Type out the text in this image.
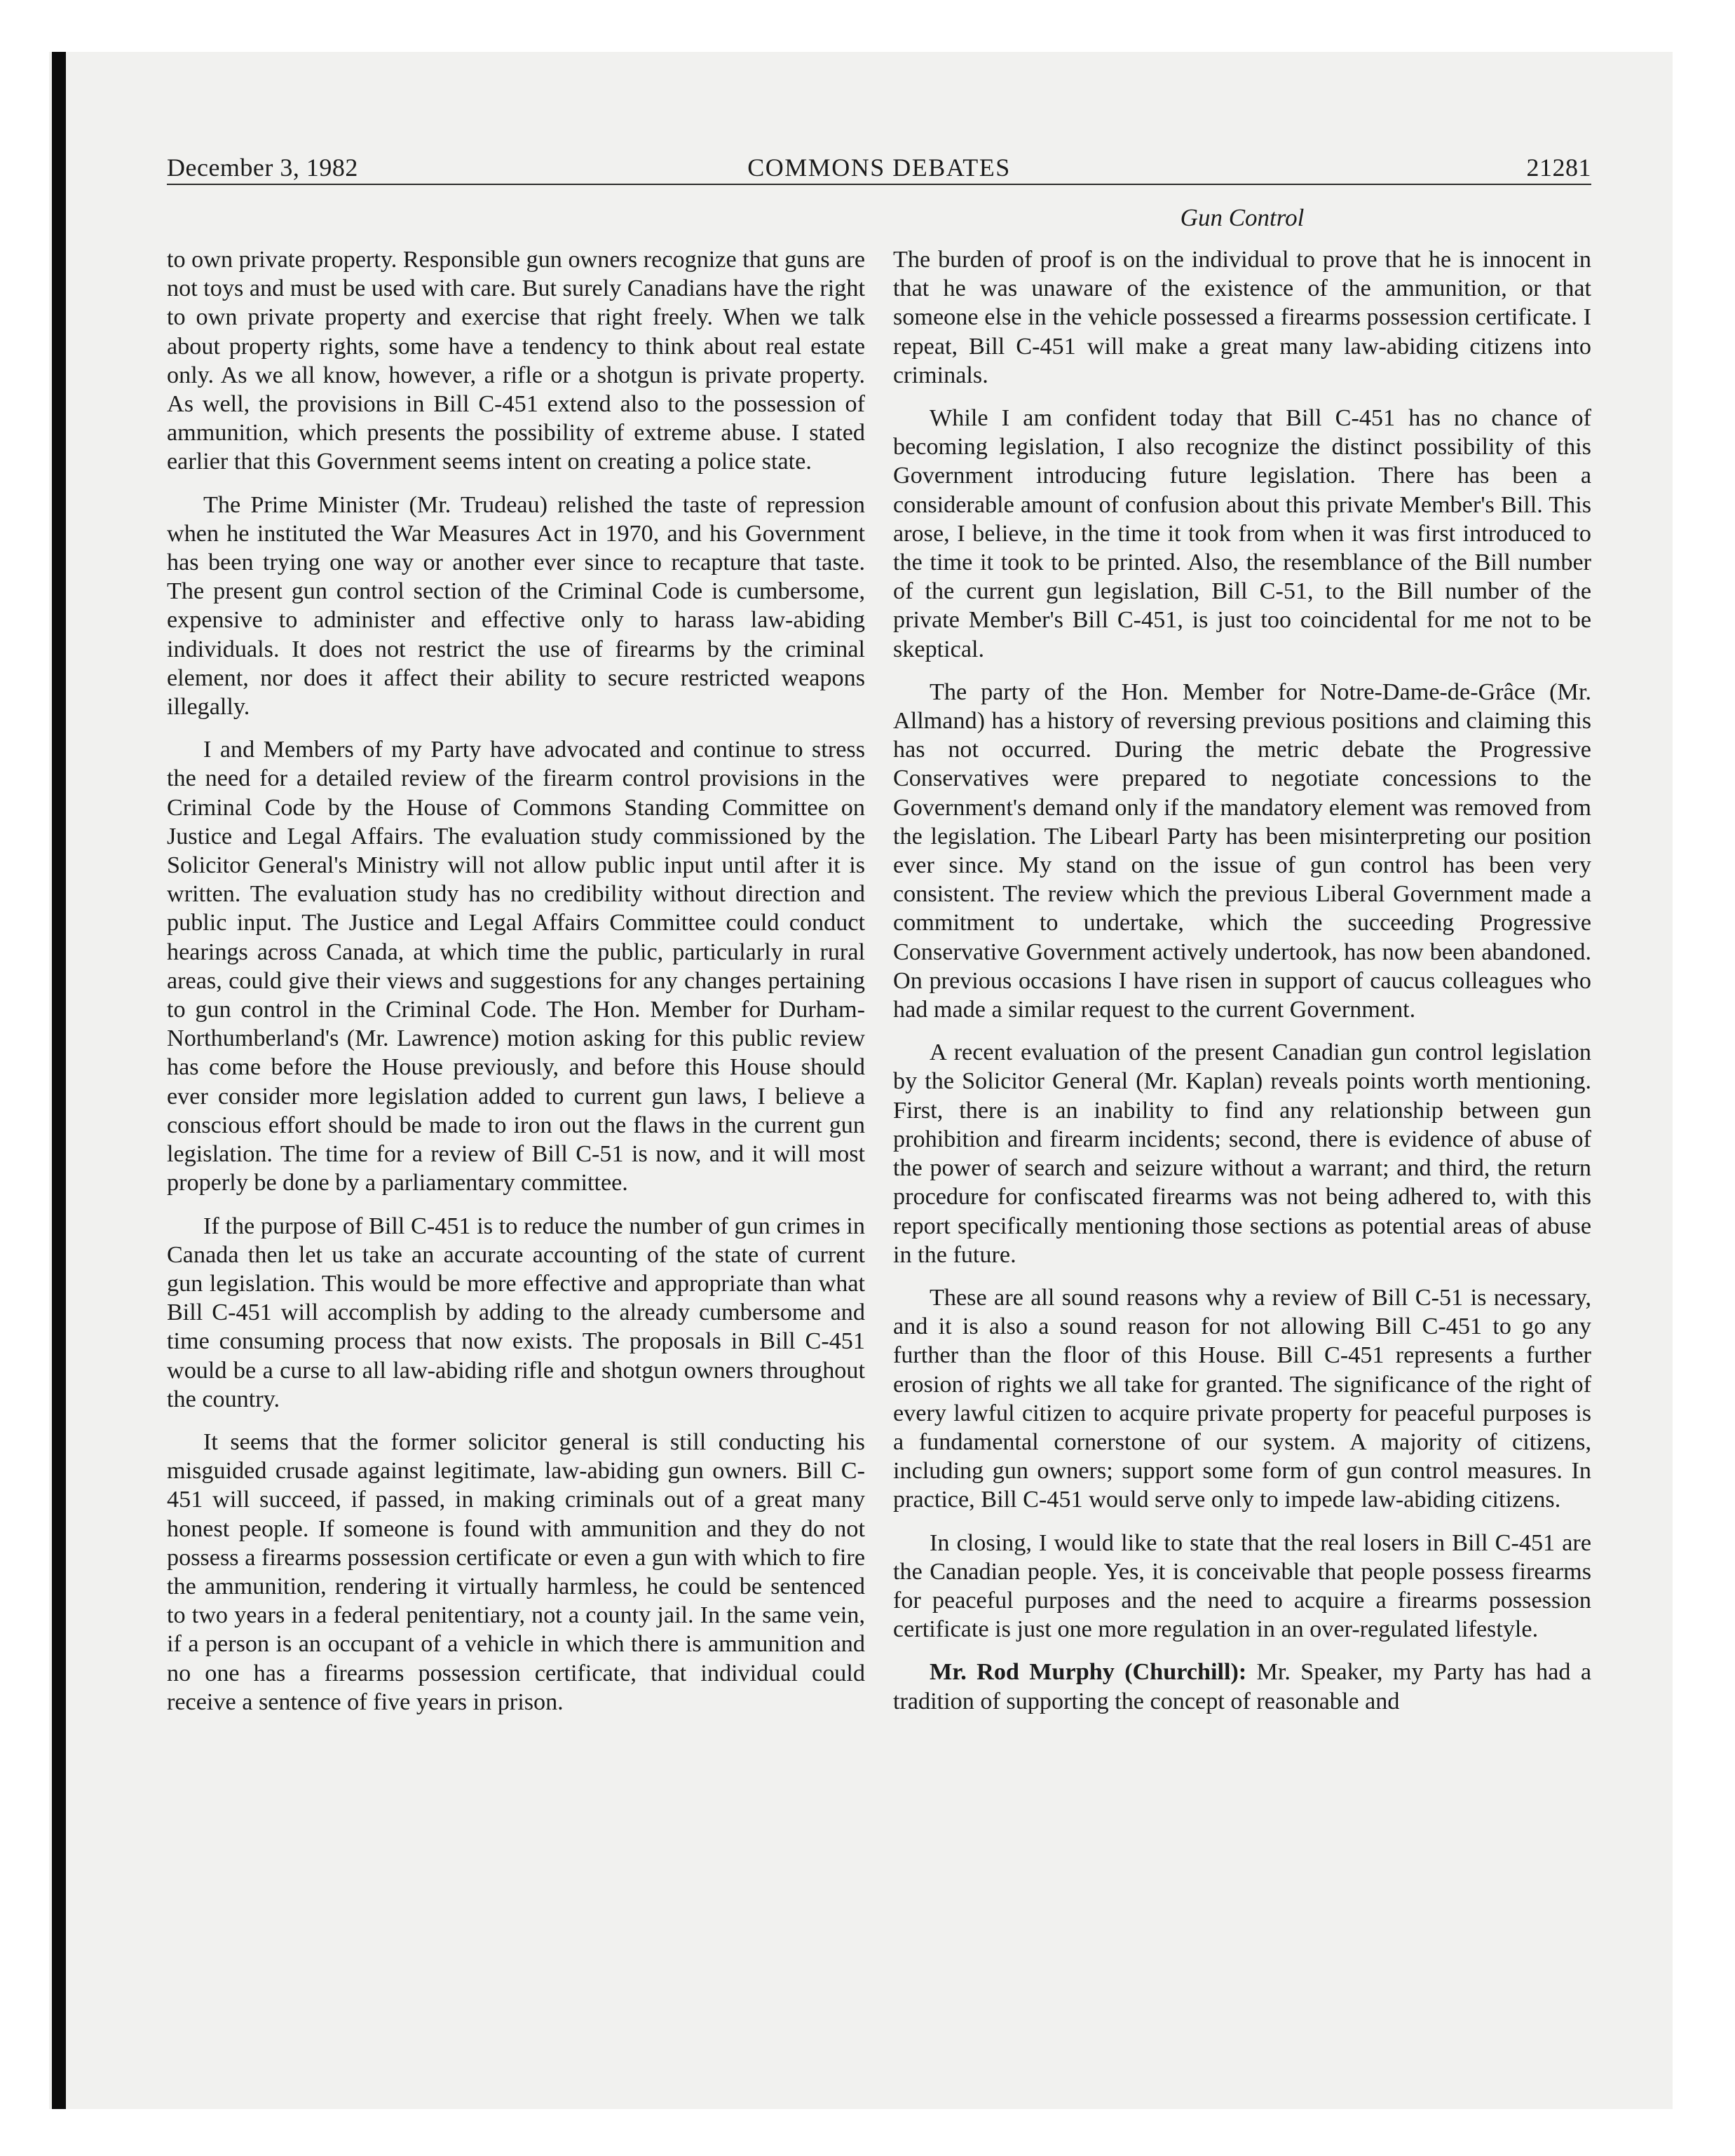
December 3, 1982	COMMONS DEBATES	21281
Gun Control

to own private property. Responsible gun owners recognize that guns are not toys and must be used with care. But surely Canadians have the right to own private property and exercise that right freely. When we talk about property rights, some have a tendency to think about real estate only. As we all know, however, a rifle or a shotgun is private property. As well, the provisions in Bill C-451 extend also to the possession of ammunition, which presents the possibility of extreme abuse. I stated earlier that this Government seems intent on creating a police state.

The Prime Minister (Mr. Trudeau) relished the taste of repression when he instituted the War Measures Act in 1970, and his Government has been trying one way or another ever since to recapture that taste. The present gun control section of the Criminal Code is cumbersome, expensive to administer and effective only to harass law-abiding individuals. It does not restrict the use of firearms by the criminal element, nor does it affect their ability to secure restricted weapons illegally.

I and Members of my Party have advocated and continue to stress the need for a detailed review of the firearm control provisions in the Criminal Code by the House of Commons Standing Committee on Justice and Legal Affairs. The evaluation study commissioned by the Solicitor General's Ministry will not allow public input until after it is written. The evaluation study has no credibility without direction and public input. The Justice and Legal Affairs Committee could conduct hearings across Canada, at which time the public, particularly in rural areas, could give their views and suggestions for any changes pertaining to gun control in the Criminal Code. The Hon. Member for Durham-Northumberland's (Mr. Lawrence) motion asking for this public review has come before the House previously, and before this House should ever consider more legislation added to current gun laws, I believe a conscious effort should be made to iron out the flaws in the current gun legislation. The time for a review of Bill C-51 is now, and it will most properly be done by a parliamentary committee.

If the purpose of Bill C-451 is to reduce the number of gun crimes in Canada then let us take an accurate accounting of the state of current gun legislation. This would be more effective and appropriate than what Bill C-451 will accomplish by adding to the already cumbersome and time consuming process that now exists. The proposals in Bill C-451 would be a curse to all law-abiding rifle and shotgun owners throughout the country.

It seems that the former solicitor general is still conducting his misguided crusade against legitimate, law-abiding gun owners. Bill C-451 will succeed, if passed, in making criminals out of a great many honest people. If someone is found with ammunition and they do not possess a firearms possession certificate or even a gun with which to fire the ammunition, rendering it virtually harmless, he could be sentenced to two years in a federal penitentiary, not a county jail. In the same vein, if a person is an occupant of a vehicle in which there is ammunition and no one has a firearms possession certificate, that individual could receive a sentence of five years in prison.

The burden of proof is on the individual to prove that he is innocent in that he was unaware of the existence of the ammunition, or that someone else in the vehicle possessed a firearms possession certificate. I repeat, Bill C-451 will make a great many law-abiding citizens into criminals.

While I am confident today that Bill C-451 has no chance of becoming legislation, I also recognize the distinct possibility of this Government introducing future legislation. There has been a considerable amount of confusion about this private Member's Bill. This arose, I believe, in the time it took from when it was first introduced to the time it took to be printed. Also, the resemblance of the Bill number of the current gun legislation, Bill C-51, to the Bill number of the private Member's Bill C-451, is just too coincidental for me not to be skeptical.

The party of the Hon. Member for Notre-Dame-de-Grâce (Mr. Allmand) has a history of reversing previous positions and claiming this has not occurred. During the metric debate the Progressive Conservatives were prepared to negotiate concessions to the Government's demand only if the mandatory element was removed from the legislation. The Libearl Party has been misinterpreting our position ever since. My stand on the issue of gun control has been very consistent. The review which the previous Liberal Government made a commitment to undertake, which the succeeding Progressive Conservative Government actively undertook, has now been abandoned. On previous occasions I have risen in support of caucus colleagues who had made a similar request to the current Government.

A recent evaluation of the present Canadian gun control legislation by the Solicitor General (Mr. Kaplan) reveals points worth mentioning. First, there is an inability to find any relationship between gun prohibition and firearm incidents; second, there is evidence of abuse of the power of search and seizure without a warrant; and third, the return procedure for confiscated firearms was not being adhered to, with this report specifically mentioning those sections as potential areas of abuse in the future.

These are all sound reasons why a review of Bill C-51 is necessary, and it is also a sound reason for not allowing Bill C-451 to go any further than the floor of this House. Bill C-451 represents a further erosion of rights we all take for granted. The significance of the right of every lawful citizen to acquire private property for peaceful purposes is a fundamental cornerstone of our system. A majority of citizens, including gun owners; support some form of gun control measures. In practice, Bill C-451 would serve only to impede law-abiding citizens.

In closing, I would like to state that the real losers in Bill C-451 are the Canadian people. Yes, it is conceivable that people possess firearms for peaceful purposes and the need to acquire a firearms possession certificate is just one more regulation in an over-regulated lifestyle.

Mr. Rod Murphy (Churchill): Mr. Speaker, my Party has had a tradition of supporting the concept of reasonable and
